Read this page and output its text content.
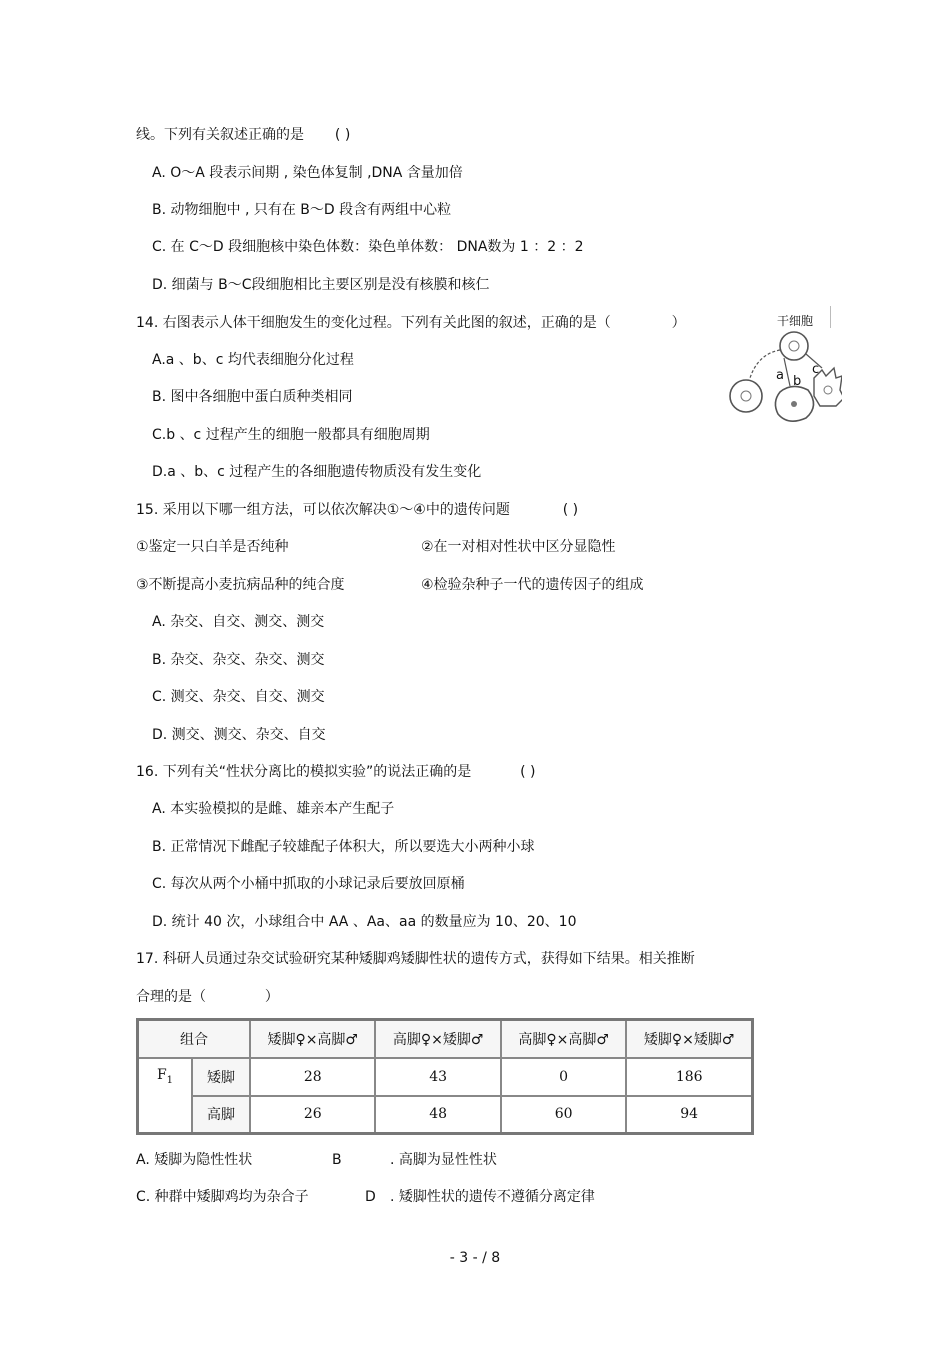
线。下列有关叙述正确的是 ( )
A. O～A 段表示间期 , 染色体复制 ,DNA 含量加倍
B. 动物细胞中 , 只有在 B～D 段含有两组中心粒
C. 在 C～D 段细胞核中染色体数：染色单体数： DNA数为 1 ：2 ：2
D. 细菌与 B～C段细胞相比主要区别是没有核膜和核仁
14. 右图表示人体干细胞发生的变化过程。下列有关此图的叙述，正确的是（	）
A.a 、b、c 均代表细胞分化过程
B. 图中各细胞中蛋白质种类相同
C.b 、c 过程产生的细胞一般都具有细胞周期
D.a 、b、c 过程产生的各细胞遗传物质没有发生变化
干细胞
a b
c
15. 采用以下哪一组方法，可以依次解决①～④中的遗传问题	( )
①鉴定一只白羊是否纯种	②在一对相对性状中区分显隐性
③不断提高小麦抗病品种的纯合度	④检验杂种子一代的遗传因子的组成
A. 杂交、自交、测交、测交
B. 杂交、杂交、杂交、测交
C. 测交、杂交、自交、测交
D. 测交、测交、杂交、自交
16. 下列有关“性状分离比的模拟实验”的说法正确的是	( )
A. 本实验模拟的是雌、雄亲本产生配子
B. 正常情况下雌配子较雄配子体积大，所以要选大小两种小球
C. 每次从两个小桶中抓取的小球记录后要放回原桶
D. 统计 40 次，小球组合中 AA 、Aa、aa 的数量应为 10、20、10
17. 科研人员通过杂交试验研究某种矮脚鸡矮脚性状的遗传方式，获得如下结果。相关推断
合理的是（	）
组合		矮脚♀×高脚♂	高脚♀×矮脚♂	高脚♀×高脚♂	矮脚♀×矮脚♂
$F_1$	矮脚	28	43	0	186
	高脚	26	48	60	94
A. 矮脚为隐性性状	B	. 高脚为显性性状
C. 种群中矮脚鸡均为杂合子	D . 矮脚性状的遗传不遵循分离定律
- 3 - / 8
